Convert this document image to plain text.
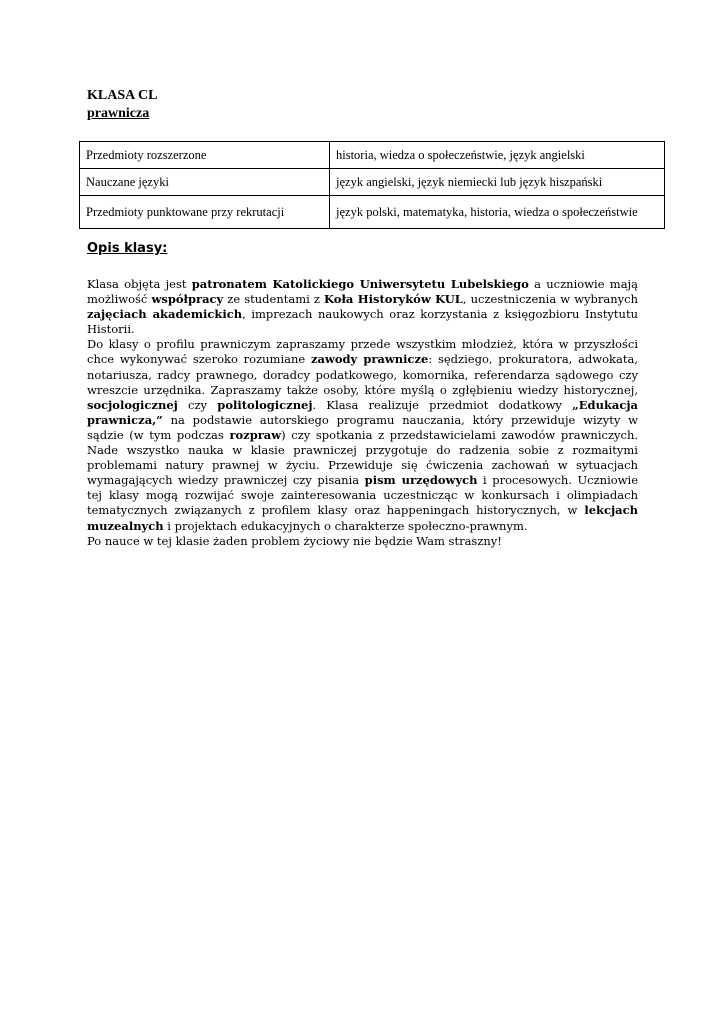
KLASA CL
prawnicza
Przedmioty rozszerzone	historia, wiedza o społeczeństwie, język angielski
Nauczane języki	język angielski, język niemiecki lub język hiszpański
Przedmioty punktowane przy rekrutacji	język polski, matematyka, historia, wiedza o społeczeństwie
Opis klasy:

Klasa objęta jest patronatem Katolickiego Uniwersytetu Lubelskiego a uczniowie mają możliwość współpracy ze studentami z Koła Historyków KUL, uczestniczenia w wybranych zajęciach akademickich, imprezach naukowych oraz korzystania z księgozbioru Instytutu Historii.

Do klasy o profilu prawniczym zapraszamy przede wszystkim młodzież, która w przyszłości chce wykonywać szeroko rozumiane zawody prawnicze: sędziego, prokuratora, adwokata, notariusza, radcy prawnego, doradcy podatkowego, komornika, referendarza sądowego czy wreszcie urzędnika. Zapraszamy także osoby, które myślą o zgłębieniu wiedzy historycznej, socjologicznej czy politologicznej. Klasa realizuje przedmiot dodatkowy „Edukacja prawnicza,” na podstawie autorskiego programu nauczania, który przewiduje wizyty w sądzie (w tym podczas rozpraw) czy spotkania z przedstawicielami zawodów prawniczych. Nade wszystko nauka w klasie prawniczej przygotuje do radzenia sobie z rozmaitymi problemami natury prawnej w życiu. Przewiduje się ćwiczenia zachowań w sytuacjach wymagających wiedzy prawniczej czy pisania pism urzędowych i procesowych. Uczniowie tej klasy mogą rozwijać swoje zainteresowania uczestnicząc w konkursach i olimpiadach tematycznych związanych z profilem klasy oraz happeningach historycznych, w lekcjach muzealnych i projektach edukacyjnych o charakterze społeczno-prawnym.

Po nauce w tej klasie żaden problem życiowy nie będzie Wam straszny!
